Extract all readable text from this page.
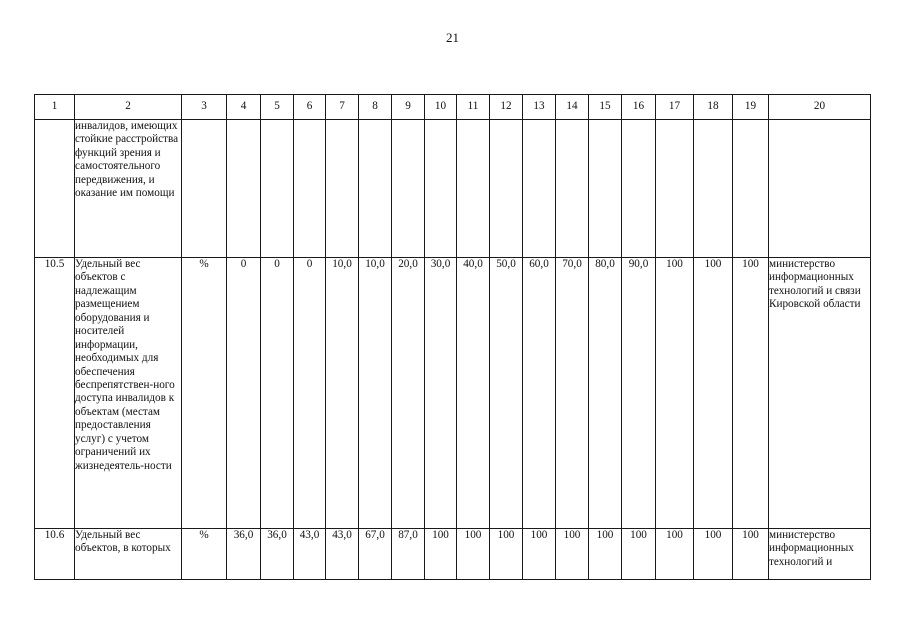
21
1	2	3	4	5	6	7	8	9	10	11	12	13	14	15	16	17	18	19	20
	инвалидов, имеющих стойкие расстройства функций зрения и самостоятельного передвижения, и оказание им помощи																		
10.5	Удельный вес объектов с надлежащим размещением оборудования и носителей информации, необходимых для обеспечения беспрепятствен-ного доступа инвалидов к объектам (местам предоставления услуг) с учетом ограничений их жизнедеятель-ности	%	0	0	0	10,0	10,0	20,0	30,0	40,0	50,0	60,0	70,0	80,0	90,0	100	100	100	министерство информационных технологий и связи Кировской области
10.6	Удельный вес объектов, в которых	%	36,0	36,0	43,0	43,0	67,0	87,0	100	100	100	100	100	100	100	100	100	100	министерство информационных технологий и
